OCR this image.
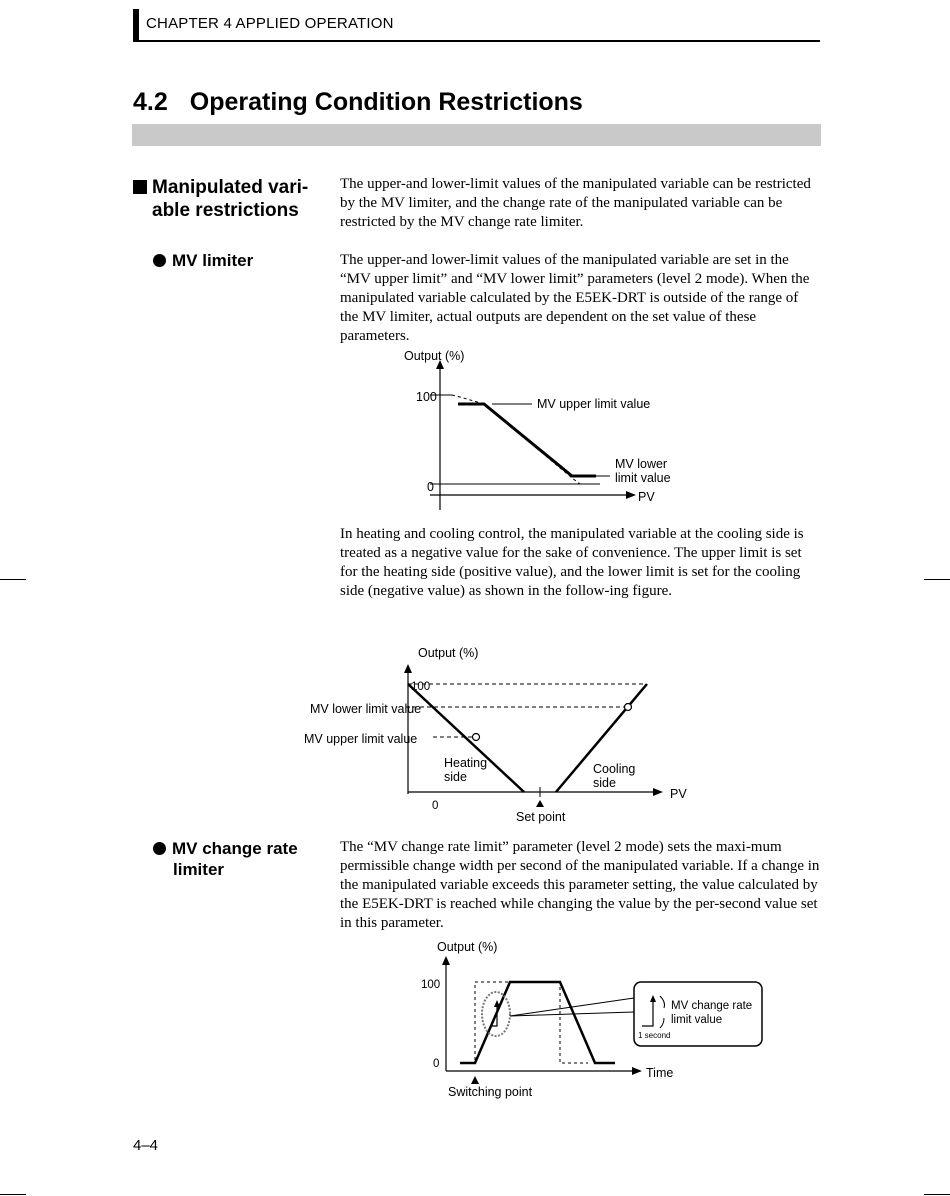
CHAPTER 4 APPLIED OPERATION
4.2 Operating Condition Restrictions
Manipulated vari-
able restrictions

The upper-and lower-limit values of the manipulated variable can be restricted by the MV limiter, and the change rate of the manipulated variable can be restricted by the MV change rate limiter.

MV limiter	The upper-and lower-limit values of the manipulated variable are set in the “MV upper limit” and “MV lower limit” parameters (level 2 mode). When the manipulated variable calculated by the E5EK-DRT is outside of the range of the MV limiter, actual outputs are dependent on the set value of these parameters.

Output (%)
100
0
PV
MV upper limit value
MV lower
limit value

In heating and cooling control, the manipulated variable at the cooling side is treated as a negative value for the sake of convenience. The upper limit is set for the heating side (positive value), and the lower limit is set for the cooling side (negative value) as shown in the follow-ing figure.

Output (%)
100
MV lower limit value
MV upper limit value
Heating
side
Cooling
side
PV
0
Set point
MV change rate
limiter

The “MV change rate limit” parameter (level 2 mode) sets the maxi-mum permissible change width per second of the manipulated variable. If a change in the manipulated variable exceeds this parameter setting, the value calculated by the E5EK-DRT is reached while changing the value by the per-second value set in this parameter.

Output (%)
100
0
Time
Switching point
MV change rate
limit value
1 second
4–4
